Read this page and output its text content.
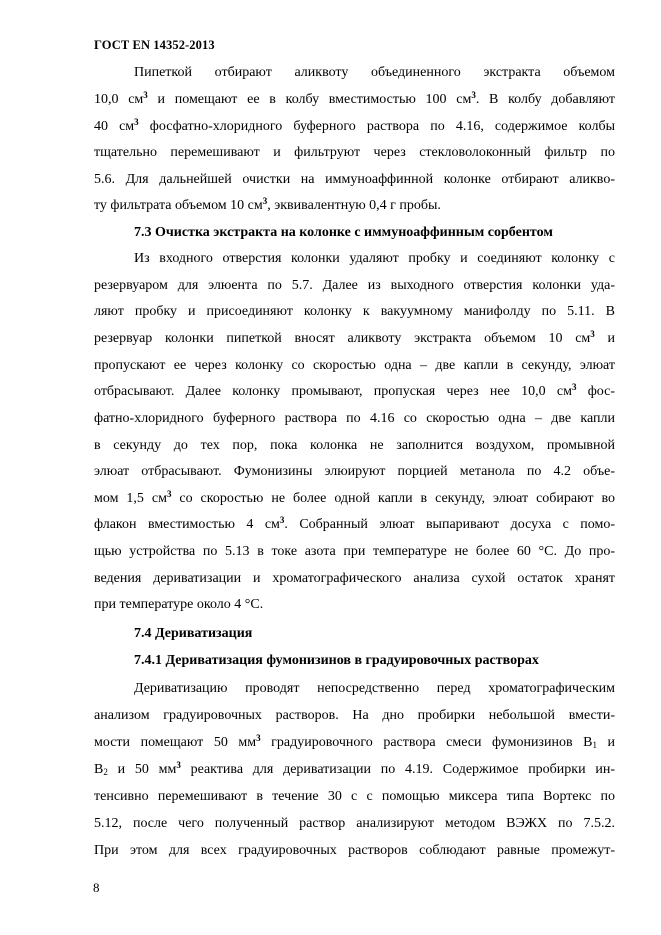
ГОСТ EN 14352-2013
Пипеткой отбирают аликвоту объединенного экстракта объемом
10,0 $см^3$ и помещают ее в колбу вместимостью 100 $см^3$. В колбу добавляют
40 $см^3$ фосфатно-хлоридного буферного раствора по 4.16, содержимое колбы
тщательно перемешивают и фильтруют через стекловолоконный фильтр по
5.6. Для дальнейшей очистки на иммуноаффинной колонке отбирают аликво-
ту фильтрата объемом 10 $см^3$, эквивалентную 0,4 г пробы.
7.3 Очистка экстракта на колонке с иммуноаффинным сорбентом
Из входного отверстия колонки удаляют пробку и соединяют колонку с
резервуаром для элюента по 5.7. Далее из выходного отверстия колонки уда-
ляют пробку и присоединяют колонку к вакуумному манифолду по 5.11. В
резервуар колонки пипеткой вносят аликвоту экстракта объемом 10 $см^3$ и
пропускают ее через колонку со скоростью одна – две капли в секунду, элюат
отбрасывают. Далее колонку промывают, пропуская через нее 10,0 $см^3$ фос-
фатно-хлоридного буферного раствора по 4.16 со скоростью одна – две капли
в секунду до тех пор, пока колонка не заполнится воздухом, промывной
элюат отбрасывают. Фумонизины элюируют порцией метанола по 4.2 объе-
мом 1,5 $см^3$ со скоростью не более одной капли в секунду, элюат собирают во
флакон вместимостью 4 $см^3$. Собранный элюат выпаривают досуха с помо-
щью устройства по 5.13 в токе азота при температуре не более 60 °С. До про-
ведения дериватизации и хроматографического анализа сухой остаток хранят
при температуре около 4 °С.
7.4 Дериватизация
7.4.1 Дериватизация фумонизинов в градуировочных растворах
Дериватизацию проводят непосредственно перед хроматографическим
анализом градуировочных растворов. На дно пробирки небольшой вмести-
мости помещают 50 $мм^3$ градуировочного раствора смеси фумонизинов $B_1$ и
$B_2$ и 50 $мм^3$ реактива для дериватизации по 4.19. Содержимое пробирки ин-
тенсивно перемешивают в течение 30 с с помощью миксера типа Вортекс по
5.12, после чего полученный раствор анализируют методом ВЭЖХ по 7.5.2.
При этом для всех градуировочных растворов соблюдают равные промежут-
8
